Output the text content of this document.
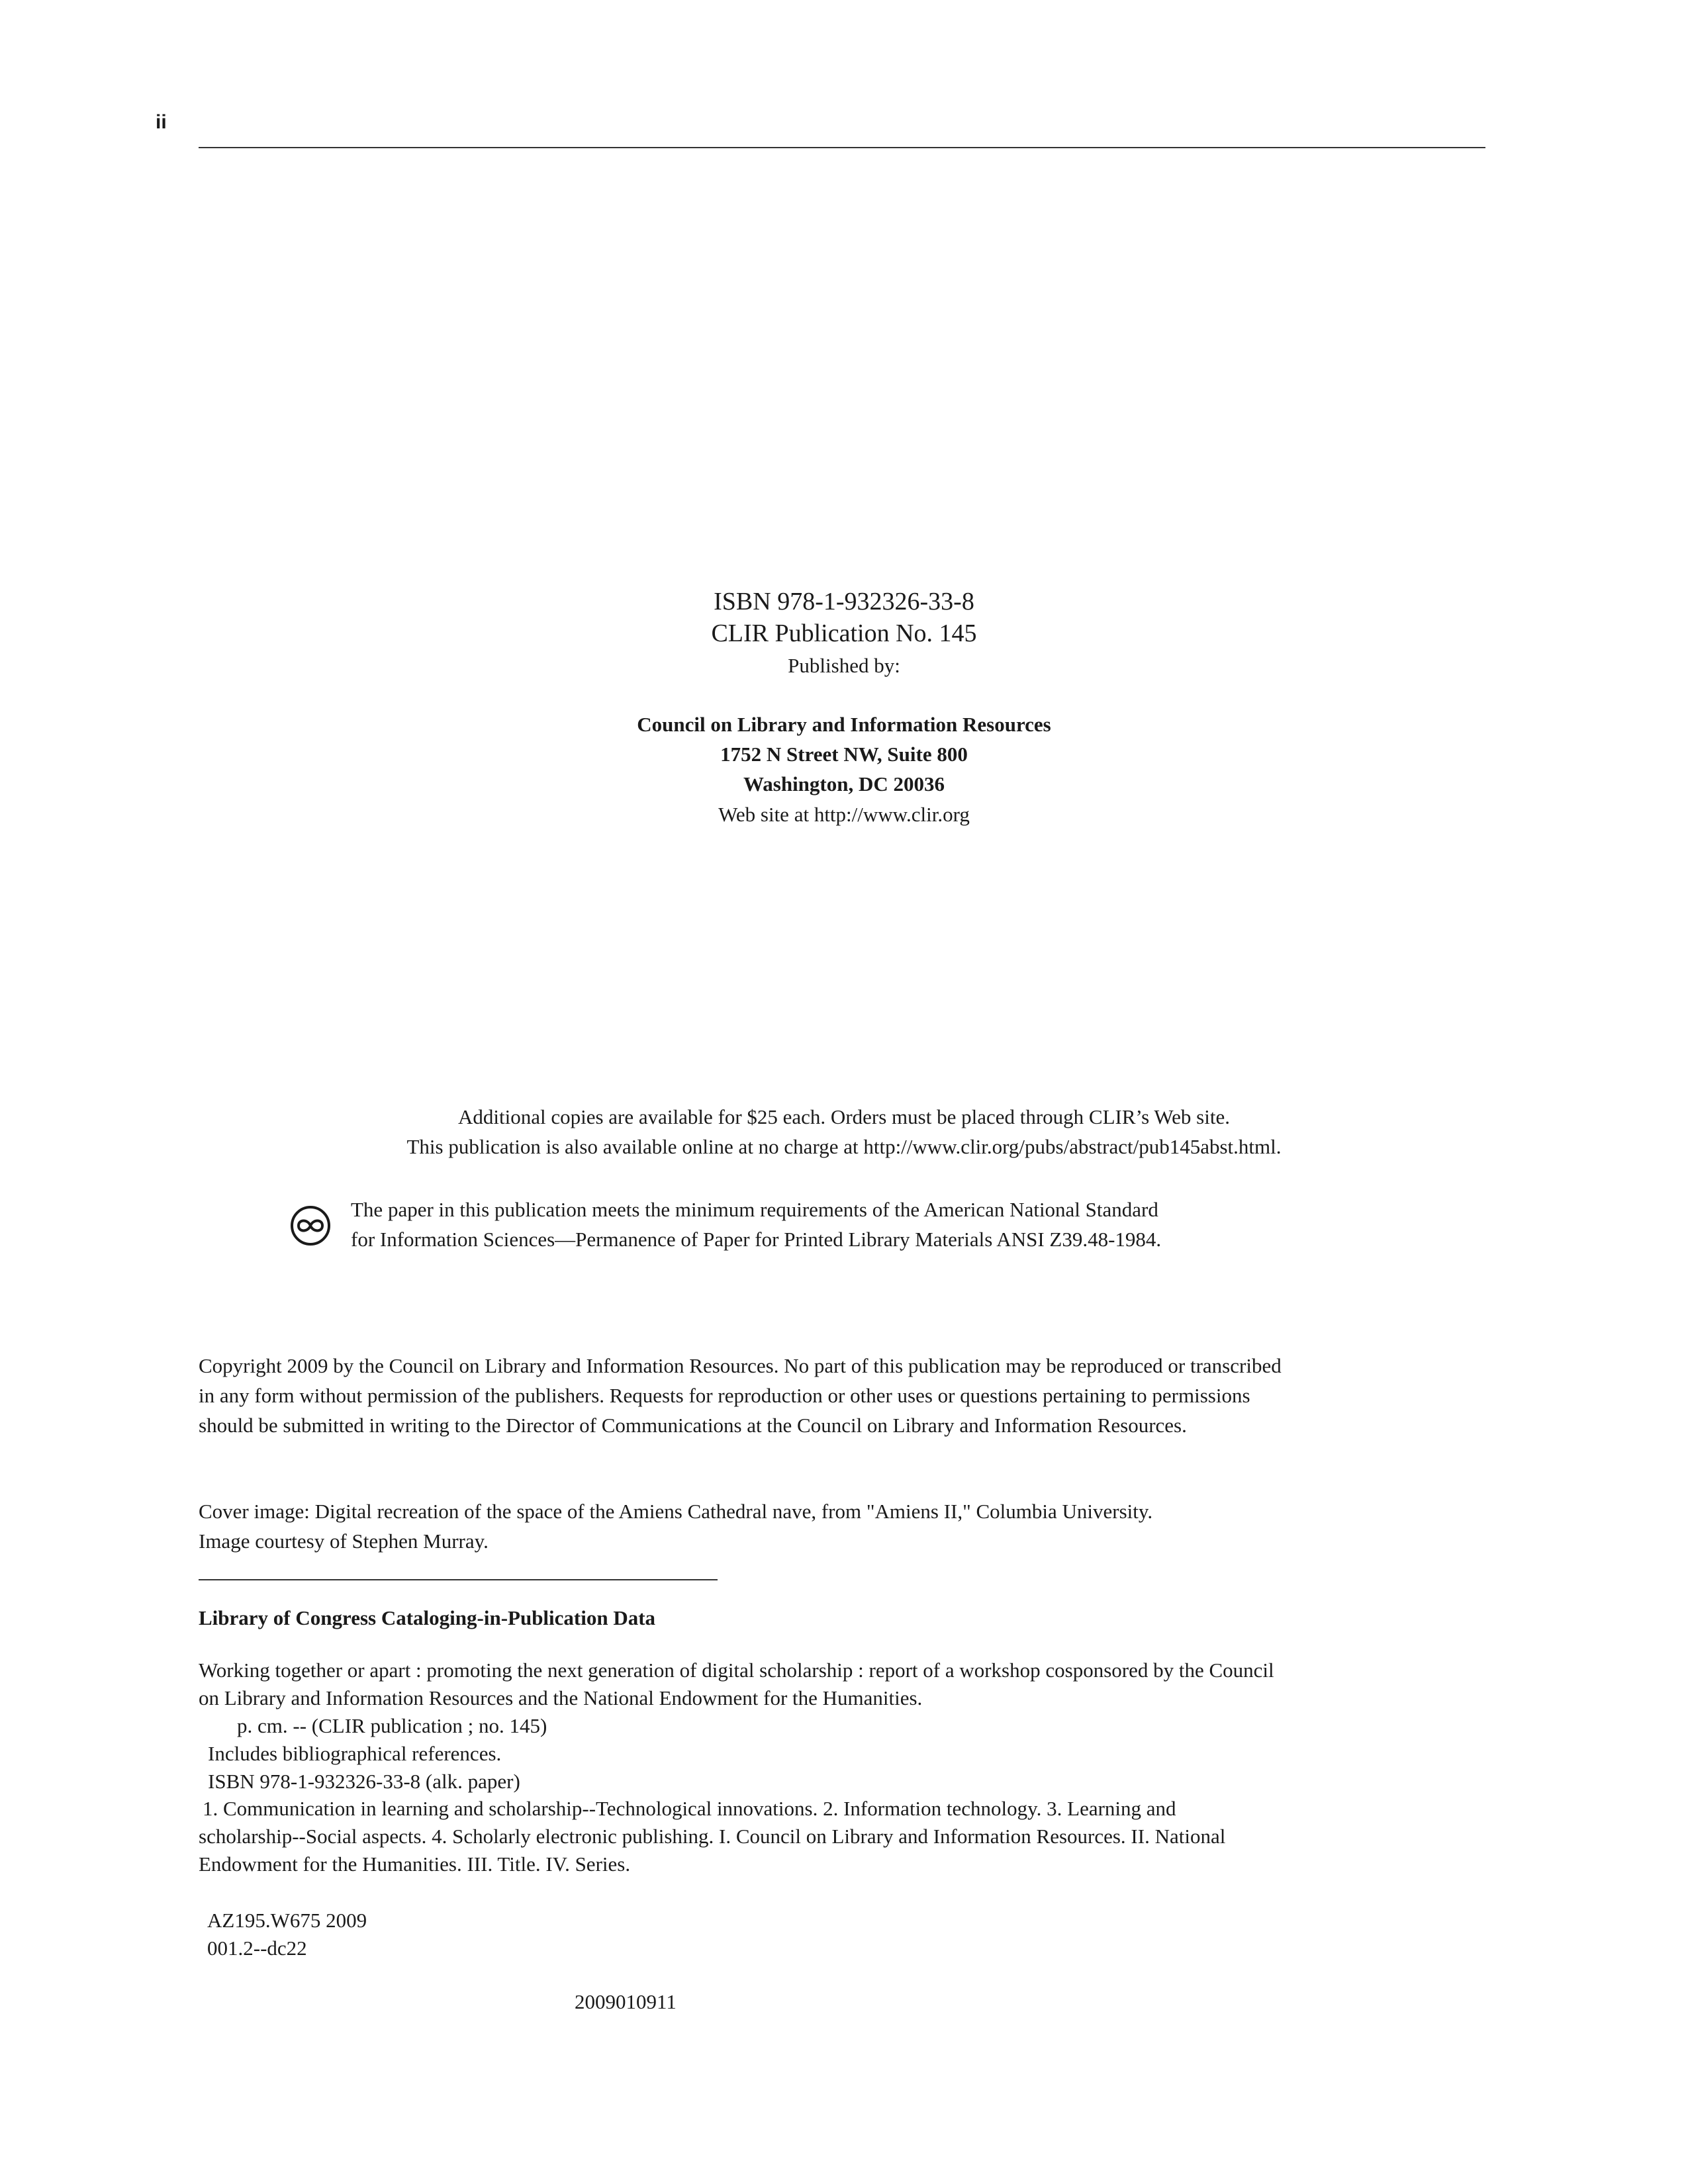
ii
ISBN 978-1-932326-33-8
CLIR Publication No. 145
Published by:
Council on Library and Information Resources
1752 N Street NW, Suite 800
Washington, DC 20036
Web site at http://www.clir.org
Additional copies are available for $25 each. Orders must be placed through CLIR’s Web site.
This publication is also available online at no charge at http://www.clir.org/pubs/abstract/pub145abst.html.
The paper in this publication meets the minimum requirements of the American National Standard
for Information Sciences—Permanence of Paper for Printed Library Materials ANSI Z39.48-1984.
Copyright 2009 by the Council on Library and Information Resources. No part of this publication may be reproduced or transcribed
in any form without permission of the publishers. Requests for reproduction or other uses or questions pertaining to permissions
should be submitted in writing to the Director of Communications at the Council on Library and Information Resources.
Cover image: Digital recreation of the space of the Amiens Cathedral nave, from "Amiens II," Columbia University.
Image courtesy of Stephen Murray.
Library of Congress Cataloging-in-Publication Data
Working together or apart : promoting the next generation of digital scholarship : report of a workshop cosponsored by the Council
on Library and Information Resources and the National Endowment for the Humanities.
p. cm. -- (CLIR publication ; no. 145)
Includes bibliographical references.
ISBN 978-1-932326-33-8 (alk. paper)
1. Communication in learning and scholarship--Technological innovations. 2. Information technology. 3. Learning and
scholarship--Social aspects. 4. Scholarly electronic publishing. I. Council on Library and Information Resources. II. National
Endowment for the Humanities. III. Title. IV. Series.
AZ195.W675 2009
001.2--dc22
2009010911
